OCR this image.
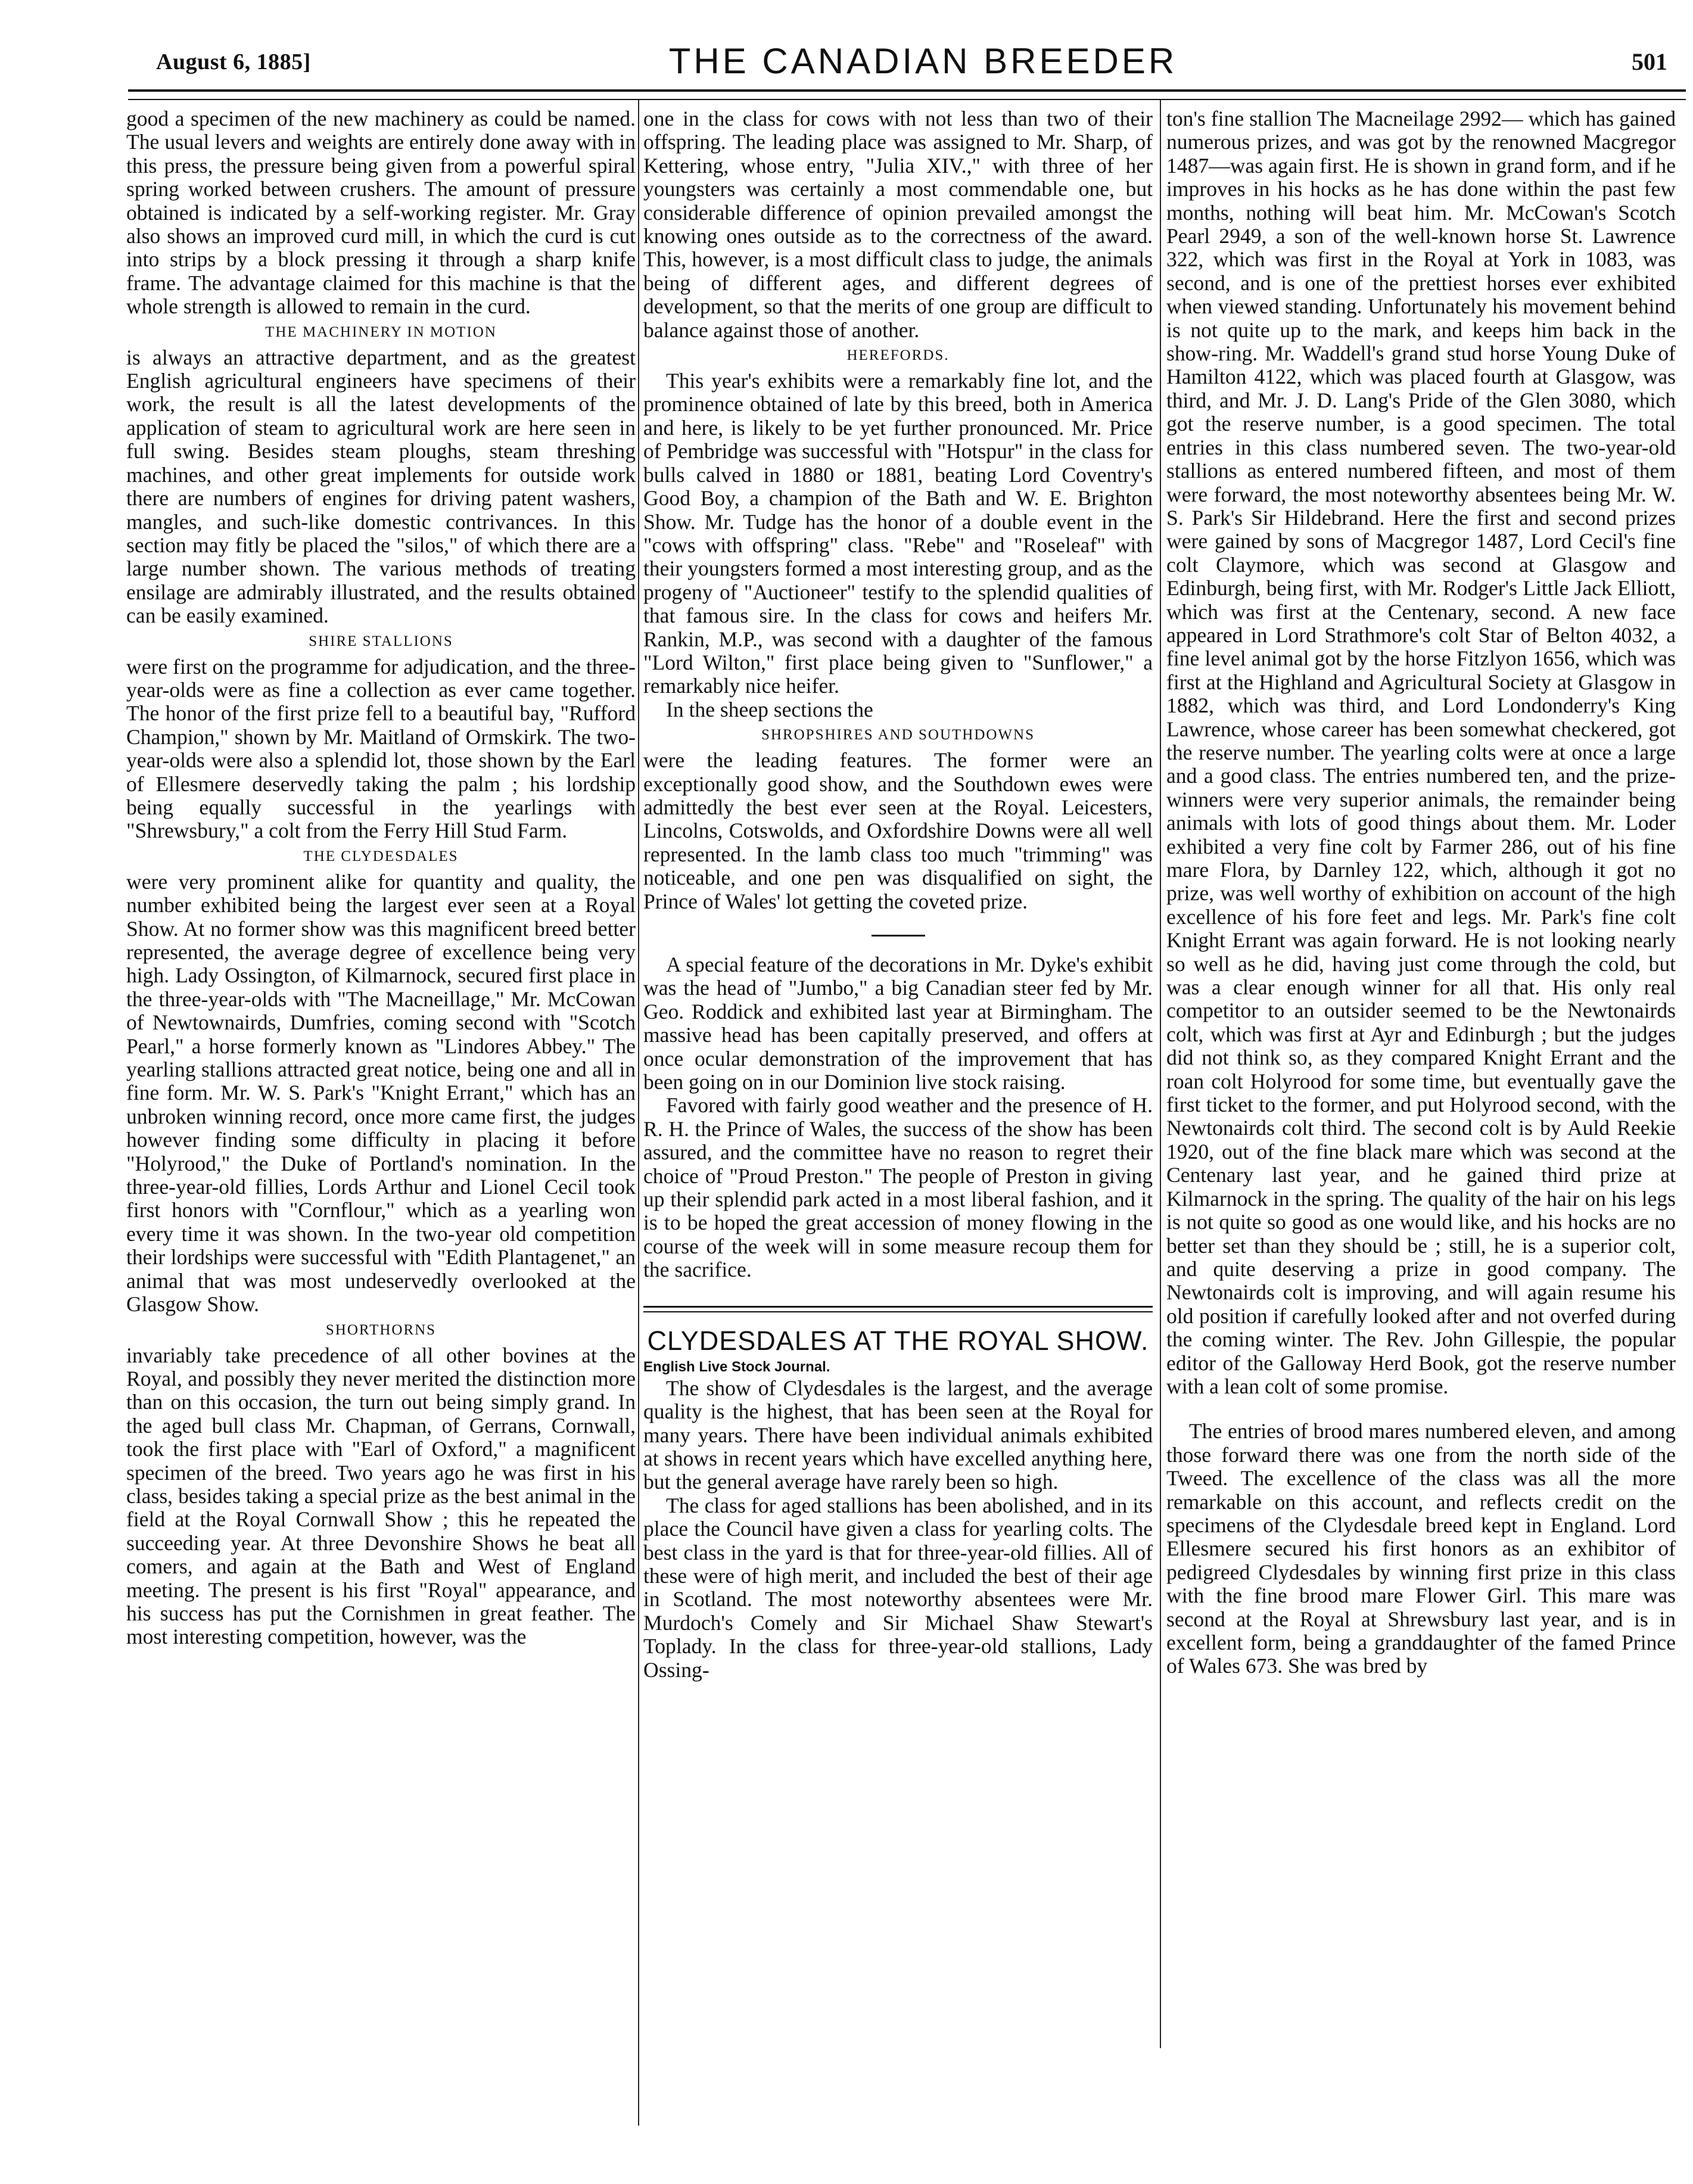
August 6, 1885]	THE CANADIAN BREEDER	501

good a specimen of the new machinery as could be named. The usual levers and weights are entirely done away with in this press, the pressure being given from a powerful spiral spring worked between crushers. The amount of pressure obtained is indicated by a self-working register. Mr. Gray also shows an improved curd mill, in which the curd is cut into strips by a block pressing it through a sharp knife frame. The advantage claimed for this machine is that the whole strength is allowed to remain in the curd.

THE MACHINERY IN MOTION

is always an attractive department, and as the greatest English agricultural engineers have specimens of their work, the result is all the latest developments of the application of steam to agricultural work are here seen in full swing. Besides steam ploughs, steam threshing machines, and other great implements for outside work there are numbers of engines for driving patent washers, mangles, and such-like domestic contrivances. In this section may fitly be placed the "silos," of which there are a large number shown. The various methods of treating ensilage are admirably illustrated, and the results obtained can be easily examined.

SHIRE STALLIONS

were first on the programme for adjudication, and the three-year-olds were as fine a collection as ever came together. The honor of the first prize fell to a beautiful bay, "Rufford Champion," shown by Mr. Maitland of Ormskirk. The two-year-olds were also a splendid lot, those shown by the Earl of Ellesmere deservedly taking the palm ; his lordship being equally successful in the yearlings with "Shrewsbury," a colt from the Ferry Hill Stud Farm.

THE CLYDESDALES

were very prominent alike for quantity and quality, the number exhibited being the largest ever seen at a Royal Show. At no former show was this magnificent breed better represented, the average degree of excellence being very high. Lady Ossington, of Kilmarnock, secured first place in the three-year-olds with "The Macneillage," Mr. McCowan of Newtownairds, Dumfries, coming second with "Scotch Pearl," a horse formerly known as "Lindores Abbey." The yearling stallions attracted great notice, being one and all in fine form. Mr. W. S. Park's "Knight Errant," which has an unbroken winning record, once more came first, the judges however finding some difficulty in placing it before "Holyrood," the Duke of Portland's nomination. In the three-year-old fillies, Lords Arthur and Lionel Cecil took first honors with "Cornflour," which as a yearling won every time it was shown. In the two-year old competition their lordships were successful with "Edith Plantagenet," an animal that was most undeservedly overlooked at the Glasgow Show.

SHORTHORNS

invariably take precedence of all other bovines at the Royal, and possibly they never merited the distinction more than on this occasion, the turn out being simply grand. In the aged bull class Mr. Chapman, of Gerrans, Cornwall, took the first place with "Earl of Oxford," a magnificent specimen of the breed. Two years ago he was first in his class, besides taking a special prize as the best animal in the field at the Royal Cornwall Show ; this he repeated the succeeding year. At three Devonshire Shows he beat all comers, and again at the Bath and West of England meeting. The present is his first "Royal" appearance, and his success has put the Cornishmen in great feather. The most interesting competition, however, was the

one in the class for cows with not less than two of their offspring. The leading place was assigned to Mr. Sharp, of Kettering, whose entry, "Julia XIV.," with three of her youngsters was certainly a most commendable one, but considerable difference of opinion prevailed amongst the knowing ones outside as to the correctness of the award. This, however, is a most difficult class to judge, the animals being of different ages, and different degrees of development, so that the merits of one group are difficult to balance against those of another.

HEREFORDS.

This year's exhibits were a remarkably fine lot, and the prominence obtained of late by this breed, both in America and here, is likely to be yet further pronounced. Mr. Price of Pembridge was successful with "Hotspur" in the class for bulls calved in 1880 or 1881, beating Lord Coventry's Good Boy, a champion of the Bath and W. E. Brighton Show. Mr. Tudge has the honor of a double event in the "cows with offspring" class. "Rebe" and "Roseleaf" with their youngsters formed a most interesting group, and as the progeny of "Auctioneer" testify to the splendid qualities of that famous sire. In the class for cows and heifers Mr. Rankin, M.P., was second with a daughter of the famous "Lord Wilton," first place being given to "Sunflower," a remarkably nice heifer.

In the sheep sections the

SHROPSHIRES AND SOUTHDOWNS

were the leading features. The former were an exceptionally good show, and the Southdown ewes were admittedly the best ever seen at the Royal. Leicesters, Lincolns, Cotswolds, and Oxfordshire Downs were all well represented. In the lamb class too much "trimming" was noticeable, and one pen was disqualified on sight, the Prince of Wales' lot getting the coveted prize.

A special feature of the decorations in Mr. Dyke's exhibit was the head of "Jumbo," a big Canadian steer fed by Mr. Geo. Roddick and exhibited last year at Birmingham. The massive head has been capitally preserved, and offers at once ocular demonstration of the improvement that has been going on in our Dominion live stock raising.

Favored with fairly good weather and the presence of H. R. H. the Prince of Wales, the success of the show has been assured, and the committee have no reason to regret their choice of "Proud Preston." The people of Preston in giving up their splendid park acted in a most liberal fashion, and it is to be hoped the great accession of money flowing in the course of the week will in some measure recoup them for the sacrifice.

CLYDESDALES AT THE ROYAL SHOW.
English Live Stock Journal.

The show of Clydesdales is the largest, and the average quality is the highest, that has been seen at the Royal for many years. There have been individual animals exhibited at shows in recent years which have excelled anything here, but the general average have rarely been so high.

The class for aged stallions has been abolished, and in its place the Council have given a class for yearling colts. The best class in the yard is that for three-year-old fillies. All of these were of high merit, and included the best of their age in Scotland. The most noteworthy absentees were Mr. Murdoch's Comely and Sir Michael Shaw Stewart's Toplady. In the class for three-year-old stallions, Lady Ossing-

ton's fine stallion The Macneilage 2992— which has gained numerous prizes, and was got by the renowned Macgregor 1487—was again first. He is shown in grand form, and if he improves in his hocks as he has done within the past few months, nothing will beat him. Mr. McCowan's Scotch Pearl 2949, a son of the well-known horse St. Lawrence 322, which was first in the Royal at York in 1083, was second, and is one of the prettiest horses ever exhibited when viewed standing. Unfortunately his movement behind is not quite up to the mark, and keeps him back in the show-ring. Mr. Waddell's grand stud horse Young Duke of Hamilton 4122, which was placed fourth at Glasgow, was third, and Mr. J. D. Lang's Pride of the Glen 3080, which got the reserve number, is a good specimen. The total entries in this class numbered seven. The two-year-old stallions as entered numbered fifteen, and most of them were forward, the most noteworthy absentees being Mr. W. S. Park's Sir Hildebrand. Here the first and second prizes were gained by sons of Macgregor 1487, Lord Cecil's fine colt Claymore, which was second at Glasgow and Edinburgh, being first, with Mr. Rodger's Little Jack Elliott, which was first at the Centenary, second. A new face appeared in Lord Strathmore's colt Star of Belton 4032, a fine level animal got by the horse Fitzlyon 1656, which was first at the Highland and Agricultural Society at Glasgow in 1882, which was third, and Lord Londonderry's King Lawrence, whose career has been somewhat checkered, got the reserve number. The yearling colts were at once a large and a good class. The entries numbered ten, and the prize-winners were very superior animals, the remainder being animals with lots of good things about them. Mr. Loder exhibited a very fine colt by Farmer 286, out of his fine mare Flora, by Darnley 122, which, although it got no prize, was well worthy of exhibition on account of the high excellence of his fore feet and legs. Mr. Park's fine colt Knight Errant was again forward. He is not looking nearly so well as he did, having just come through the cold, but was a clear enough winner for all that. His only real competitor to an outsider seemed to be the Newtonairds colt, which was first at Ayr and Edinburgh ; but the judges did not think so, as they compared Knight Errant and the roan colt Holyrood for some time, but eventually gave the first ticket to the former, and put Holyrood second, with the Newtonairds colt third. The second colt is by Auld Reekie 1920, out of the fine black mare which was second at the Centenary last year, and he gained third prize at Kilmarnock in the spring. The quality of the hair on his legs is not quite so good as one would like, and his hocks are no better set than they should be ; still, he is a superior colt, and quite deserving a prize in good company. The Newtonairds colt is improving, and will again resume his old position if carefully looked after and not overfed during the coming winter. The Rev. John Gillespie, the popular editor of the Galloway Herd Book, got the reserve number with a lean colt of some promise.

The entries of brood mares numbered eleven, and among those forward there was one from the north side of the Tweed. The excellence of the class was all the more remarkable on this account, and reflects credit on the specimens of the Clydesdale breed kept in England. Lord Ellesmere secured his first honors as an exhibitor of pedigreed Clydesdales by winning first prize in this class with the fine brood mare Flower Girl. This mare was second at the Royal at Shrewsbury last year, and is in excellent form, being a granddaughter of the famed Prince of Wales 673. She was bred by
